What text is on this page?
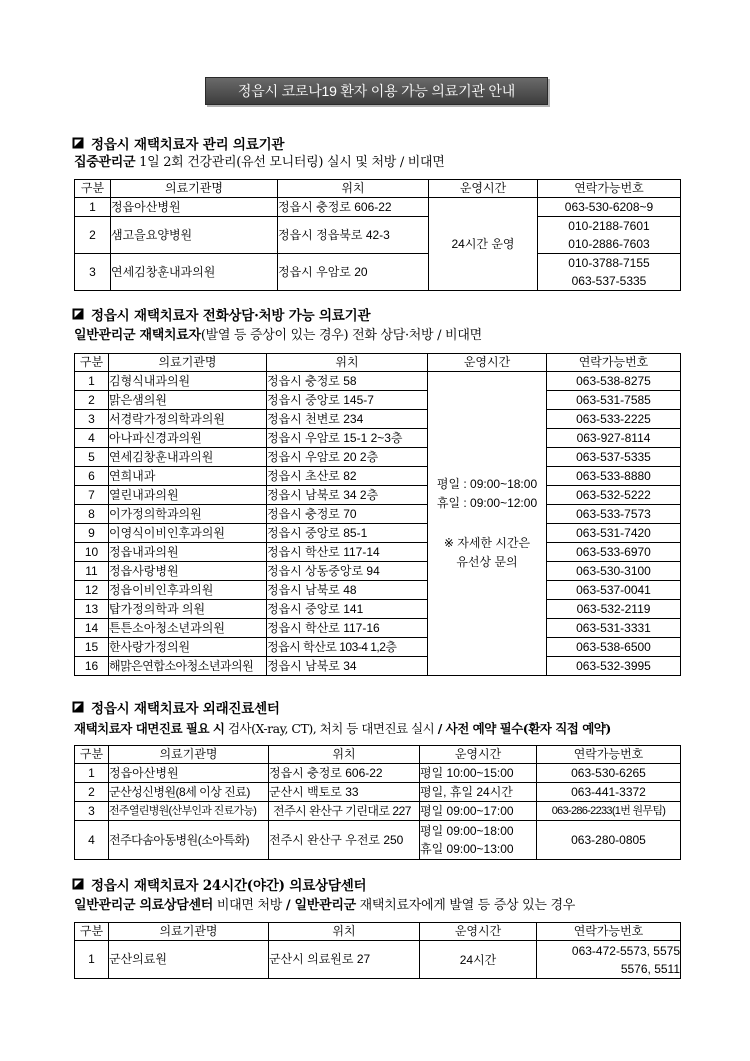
정읍시 코로나19 환자 이용 가능 의료기관 안내
정읍시 재택치료자 관리 의료기관
집중관리군 1일 2회 건강관리(유선 모니터링) 실시 및 처방 / 비대면
구분	의료기관명	위치	운영시간	연락가능번호
1	정읍아산병원	정읍시 충정로 606-22	24시간 운영	063-530-6208~9

2	샘고을요양병원	정읍시 정읍북로 42-3		010-2188-7601
010-2886-7603

3	연세김창훈내과의원	정읍시 우암로 20		010-3788-7155
063-537-5335
정읍시 재택치료자 전화상담·처방 가능 의료기관
일반관리군 재택치료자(발열 등 증상이 있는 경우) 전화 상담·처방 / 비대면
구분	의료기관명	위치	운영시간	연락가능번호
1	김형식내과의원	정읍시 충정로 58	평일 : 09:00~18:00
휴일 : 09:00~12:00
※ 자세한 시간은
유선상 문의	063-538-8275
2	맑은샘의원	정읍시 중앙로 145-7		063-531-7585
3	서경락가정의학과의원	정읍시 천변로 234		063-533-2225
4	아나파신경과의원	정읍시 우암로 15-1 2~3층		063-927-8114
5	연세김창훈내과의원	정읍시 우암로 20 2층		063-537-5335
6	연희내과	정읍시 초산로 82		063-533-8880
7	열린내과의원	정읍시 남북로 34 2층		063-532-5222
8	이가정의학과의원	정읍시 충정로 70		063-533-7573
9	이영식이비인후과의원	정읍시 중앙로 85-1		063-531-7420
10	정읍내과의원	정읍시 학산로 117-14		063-533-6970
11	정읍사랑병원	정읍시 상동중앙로 94		063-530-3100
12	정읍이비인후과의원	정읍시 남북로 48		063-537-0041
13	탑가정의학과 의원	정읍시 중앙로 141		063-532-2119
14	튼튼소아청소년과의원	정읍시 학산로 117-16		063-531-3331
15	한사랑가정의원	정읍시 학산로 103-4 1,2층		063-538-6500
16	해맑은연합소아청소년과의원	정읍시 남북로 34		063-532-3995
정읍시 재택치료자 외래진료센터
재택치료자 대면진료 필요 시 검사(X-ray, CT), 처치 등 대면진료 실시 / 사전 예약 필수(환자 직접 예약)
구분	의료기관명	위치	운영시간	연락가능번호
1	정읍아산병원	정읍시 충정로 606-22	평일 10:00~15:00	063-530-6265
2	군산성신병원(8세 이상 진료)	군산시 백토로 33	평일, 휴일 24시간	063-441-3372
3	전주열린병원(산부인과 진료가능)	전주시 완산구 기린대로 227	평일 09:00~17:00	063-286-2233(1번 원무팀)
4	전주다솜아동병원(소아특화)	전주시 완산구 우전로 250	평일 09:00~18:00
휴일 09:00~13:00	063-280-0805
정읍시 재택치료자 24시간(야간) 의료상담센터
일반관리군 의료상담센터 비대면 처방 / 일반관리군 재택치료자에게 발열 등 증상 있는 경우
구분	의료기관명	위치	운영시간	연락가능번호
1	군산의료원	군산시 의료원로 27	24시간	063-472-5573, 5575
5576, 5511
